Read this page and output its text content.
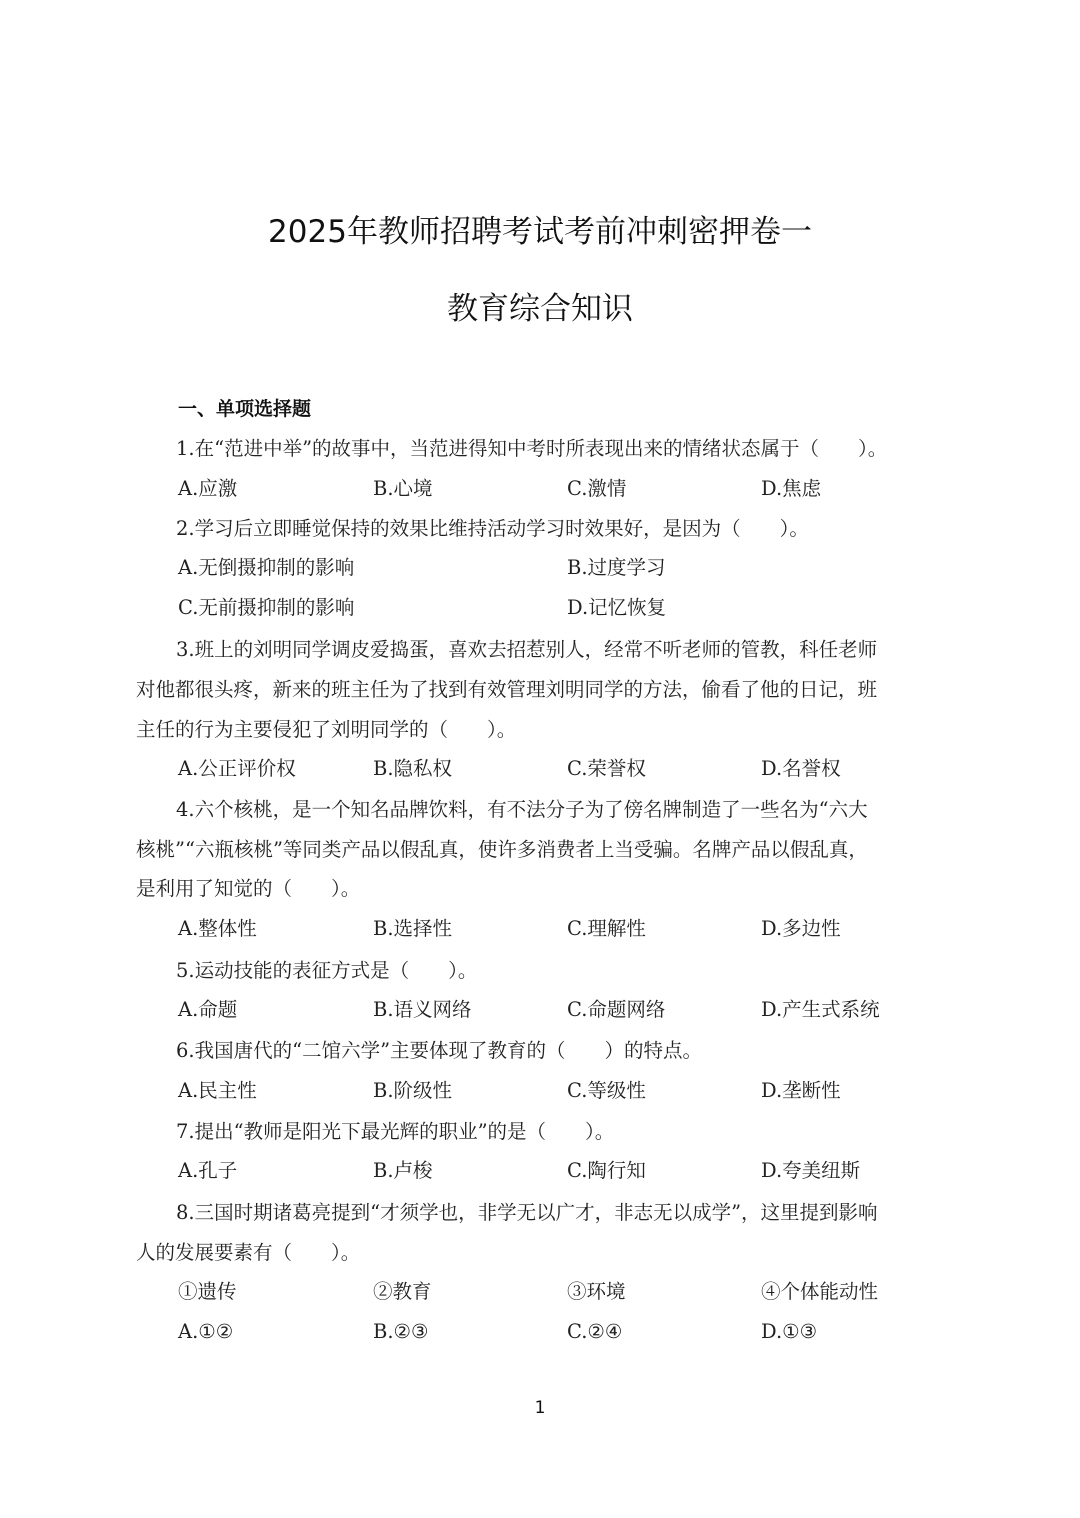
2025年教师招聘考试考前冲刺密押卷一
教育综合知识
一、单项选择题
1.在“范进中举”的故事中，当范进得知中考时所表现出来的情绪状态属于（　　）。
A.应激	B.心境	C.激情	D.焦虑
2.学习后立即睡觉保持的效果比维持活动学习时效果好，是因为（　　）。
A.无倒摄抑制的影响	B.过度学习
C.无前摄抑制的影响	D.记忆恢复
3.班上的刘明同学调皮爱捣蛋，喜欢去招惹别人，经常不听老师的管教，科任老师
对他都很头疼，新来的班主任为了找到有效管理刘明同学的方法，偷看了他的日记，班
主任的行为主要侵犯了刘明同学的（　　）。
A.公正评价权	B.隐私权	C.荣誉权	D.名誉权
4.六个核桃，是一个知名品牌饮料，有不法分子为了傍名牌制造了一些名为“六大
核桃”“六瓶核桃”等同类产品以假乱真，使许多消费者上当受骗。名牌产品以假乱真，
是利用了知觉的（　　）。
A.整体性	B.选择性	C.理解性	D.多边性
5.运动技能的表征方式是（　　）。
A.命题	B.语义网络	C.命题网络	D.产生式系统
6.我国唐代的“二馆六学”主要体现了教育的（　　）的特点。
A.民主性	B.阶级性	C.等级性	D.垄断性
7.提出“教师是阳光下最光辉的职业”的是（　　）。
A.孔子	B.卢梭	C.陶行知	D.夸美纽斯
8.三国时期诸葛亮提到“才须学也，非学无以广才，非志无以成学”，这里提到影响
人的发展要素有（　　）。
①遗传	②教育	③环境	④个体能动性
A.①②	B.②③	C.②④	D.①③
1
